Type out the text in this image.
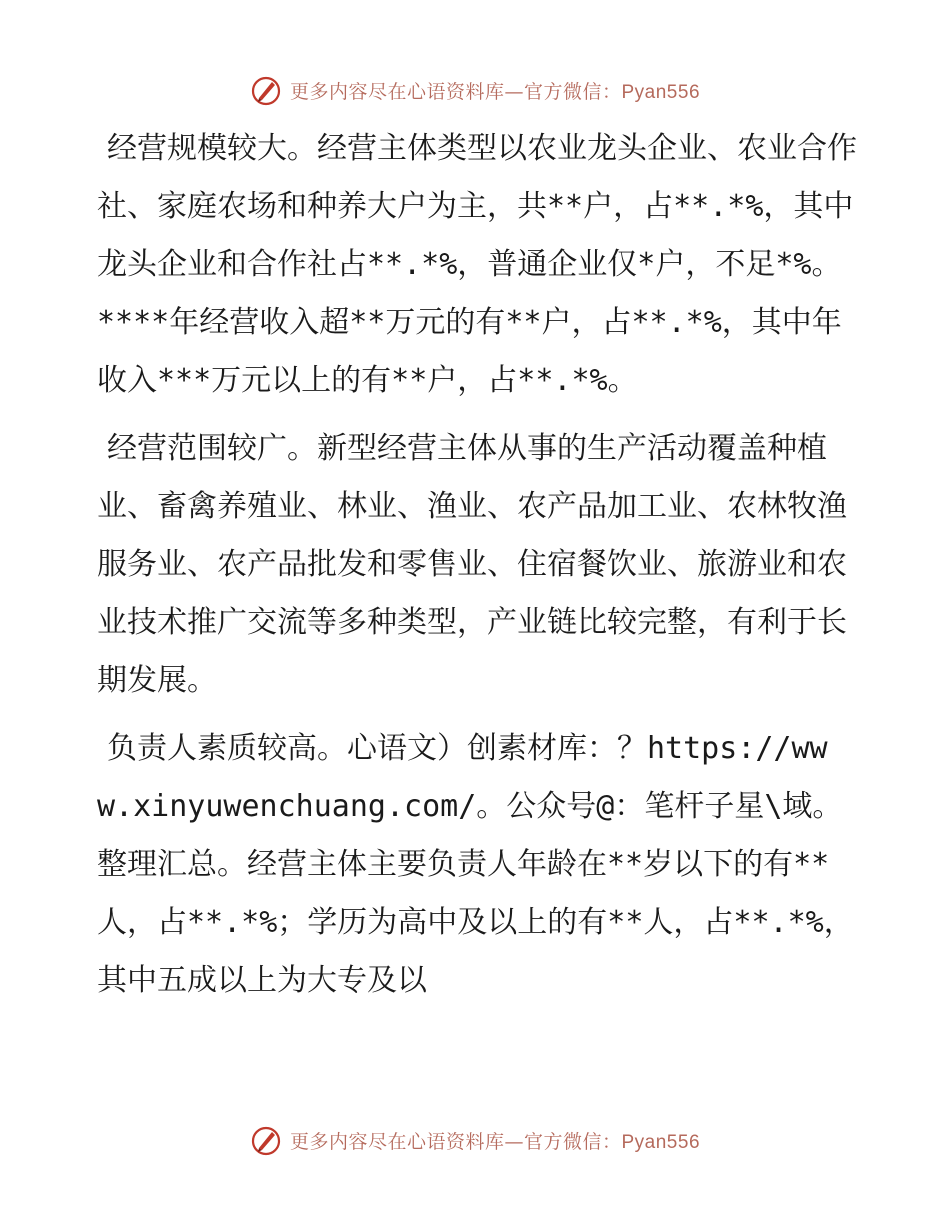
更多内容尽在心语资料库—官方微信：Pyan556

经营规模较大。经营主体类型以农业龙头企业、农业合作社、家庭农场和种养大户为主，共**户，占**.*%，其中龙头企业和合作社占**.*%，普通企业仅*户，不足*%。****年经营收入超**万元的有**户，占**.*%，其中年收入***万元以上的有**户，占**.*%。

经营范围较广。新型经营主体从事的生产活动覆盖种植业、畜禽养殖业、林业、渔业、农产品加工业、农林牧渔服务业、农产品批发和零售业、住宿餐饮业、旅游业和农业技术推广交流等多种类型，产业链比较完整，有利于长期发展。

负责人素质较高。心语文）创素材库：？https://www.xinyuwenchuang.com/。公众号@：笔杆子星\域。整理汇总。经营主体主要负责人年龄在**岁以下的有**人，占**.*%；学历为高中及以上的有**人，占**.*%，其中五成以上为大专及以

更多内容尽在心语资料库—官方微信：Pyan556
